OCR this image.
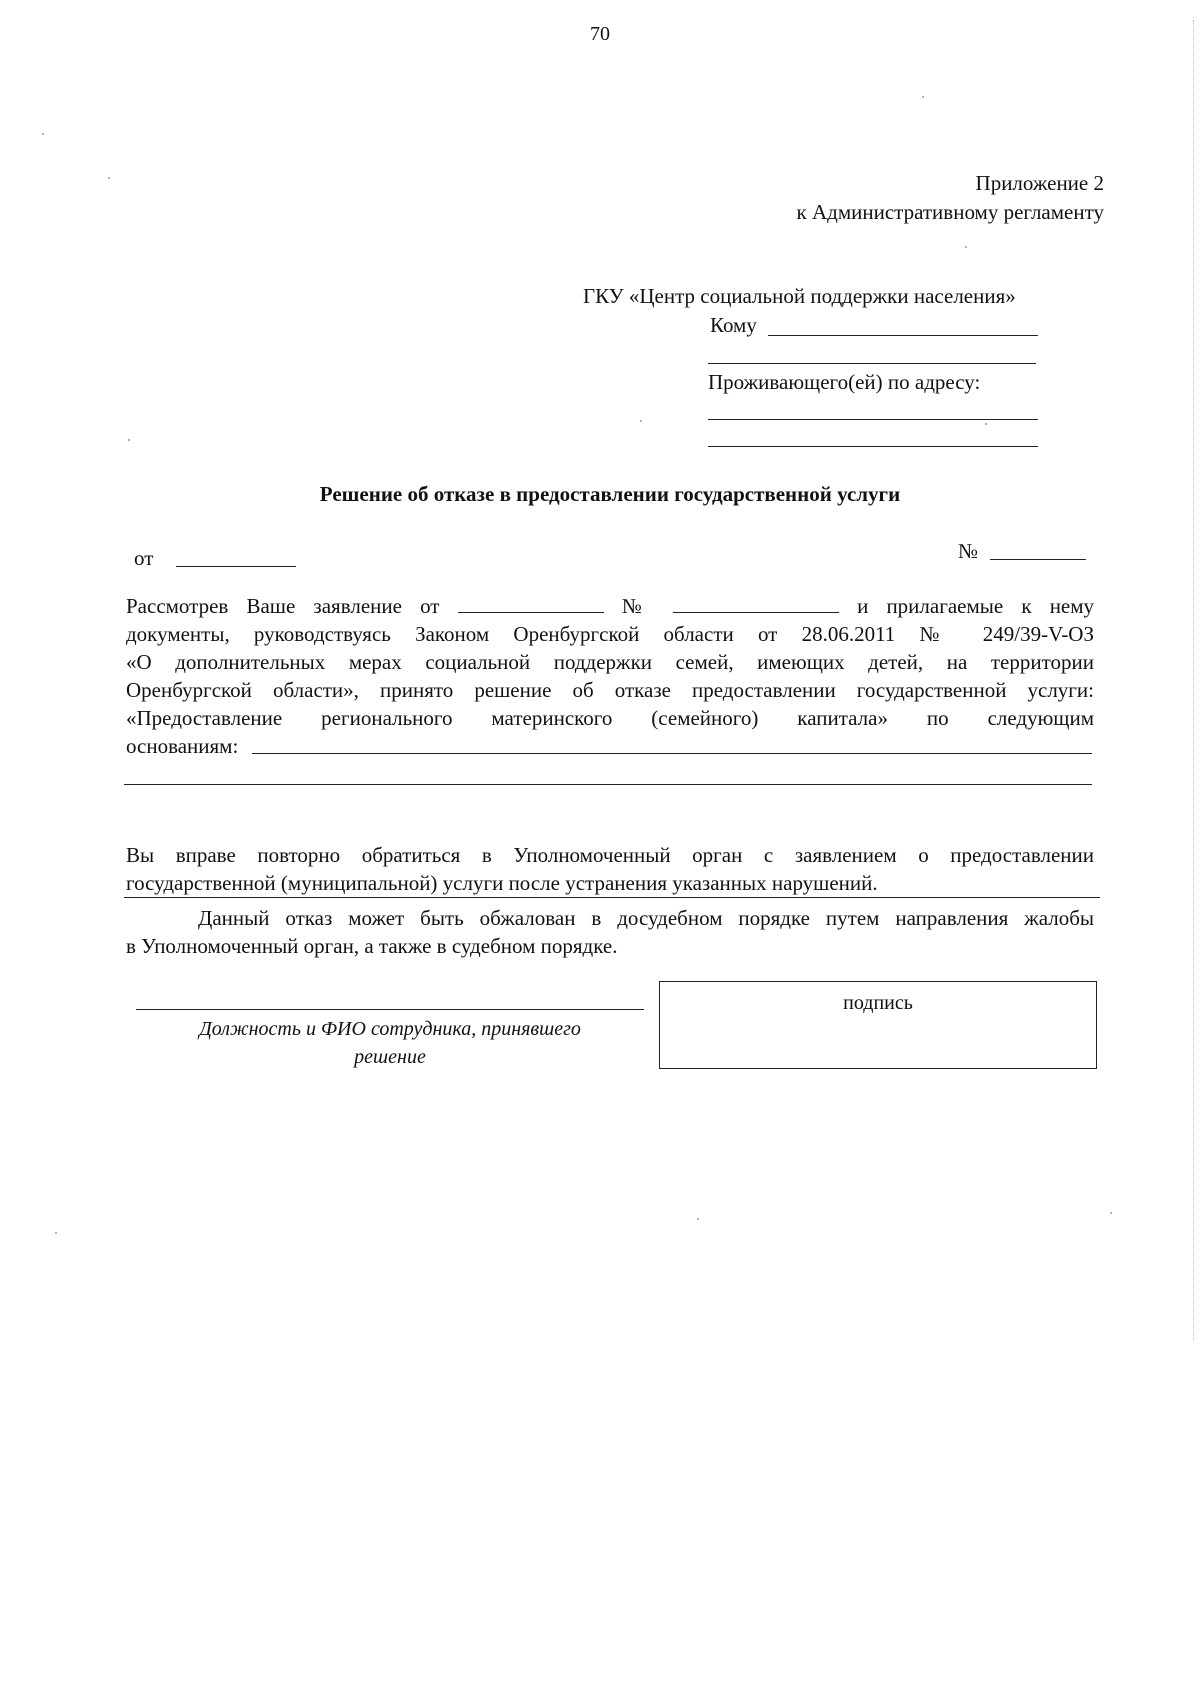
70
Приложение 2
к Административному регламенту
ГКУ «Центр социальной поддержки населения»
Кому
Проживающего(ей) по адресу:
Решение об отказе в предоставлении государственной услуги
от	№

Рассмотрев Ваше заявление от	№	и прилагаемые к нему

документы, руководствуясь Законом Оренбургской области от 28.06.2011 № 249/39-V-ОЗ

«О дополнительных мерах социальной поддержки семей, имеющих детей, на территории

Оренбургской области», принято решение об отказе предоставлении государственной услуги:

«Предоставление регионального материнского (семейного) капитала» по следующим

основаниям:

Вы вправе повторно обратиться в Уполномоченный орган с заявлением о предоставлении

государственной (муниципальной) услуги после устранения указанных нарушений.

Данный отказ может быть обжалован в досудебном порядке путем направления жалобы

в Уполномоченный орган, а также в судебном порядке.

Должность и ФИО сотрудника, принявшего
решение
подпись
